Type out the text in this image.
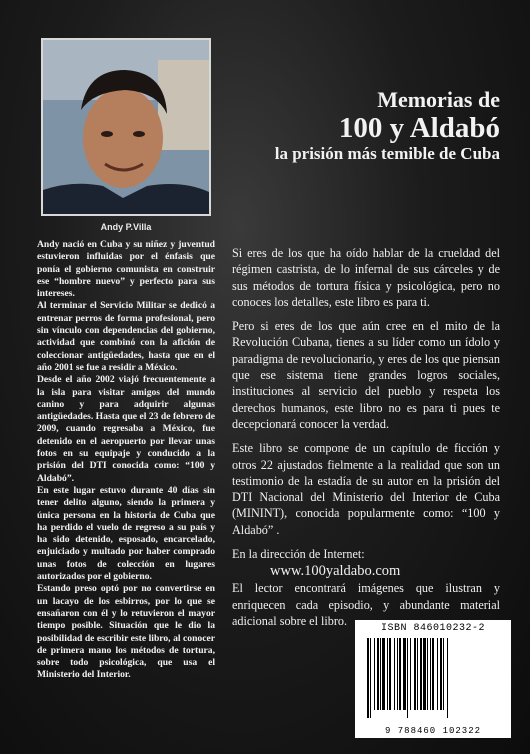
Andy P.Villa
Memorias de
100 y Aldabó
la prisión más temible de Cuba

Andy nació en Cuba y su niñez y juventud estuvieron influidas por el énfasis que ponía el gobierno comunista en construir ese “hombre nuevo” y perfecto para sus intereses.

Al terminar el Servicio Militar se dedicó a entrenar perros de forma profesional, pero sin vínculo con dependencias del gobierno, actividad que combinó con la afición de coleccionar antigüedades, hasta que en el año 2001 se fue a residir a México.

Desde el año 2002 viajó frecuentemente a la isla para visitar amigos del mundo canino y para adquirir algunas antigüedades. Hasta que el 23 de febrero de 2009, cuando regresaba a México, fue detenido en el aeropuerto por llevar unas fotos en su equipaje y conducido a la prisión del DTI conocida como: “100 y Aldabó”.

En este lugar estuvo durante 40 días sin tener delito alguno, siendo la primera y única persona en la historia de Cuba que ha perdido el vuelo de regreso a su país y ha sido detenido, esposado, encarcelado, enjuiciado y multado por haber comprado unas fotos de colección en lugares autorizados por el gobierno.

Estando preso optó por no convertirse en un lacayo de los esbirros, por lo que se ensañaron con él y lo retuvieron el mayor tiempo posible. Situación que le dio la posibilidad de escribir este libro, al conocer de primera mano los métodos de tortura, sobre todo psicológica, que usa el Ministerio del Interior.

Si eres de los que ha oído hablar de la crueldad del régimen castrista, de lo infernal de sus cárceles y de sus métodos de tortura física y psicológica, pero no conoces los detalles, este libro es para ti.

Pero si eres de los que aún cree en el mito de la Revolución Cubana, tienes a su líder como un ídolo y paradigma de revolucionario, y eres de los que piensan que ese sistema tiene grandes logros sociales, instituciones al servicio del pueblo y respeta los derechos humanos, este libro no es para ti pues te decepcionará conocer la verdad.

Este libro se compone de un capítulo de ficción y otros 22 ajustados fielmente a la realidad que son un testimonio de la estadía de su autor en la prisión del DTI Nacional del Ministerio del Interior de Cuba (MININT), conocida popularmente como: “100 y Aldabó” .

En la dirección de Internet:

www.100yaldabo.com

El lector encontrará imágenes que ilustran y enriquecen cada episodio, y abundante material adicional sobre el libro.

ISBN 846010232-2
9 788460 102322
